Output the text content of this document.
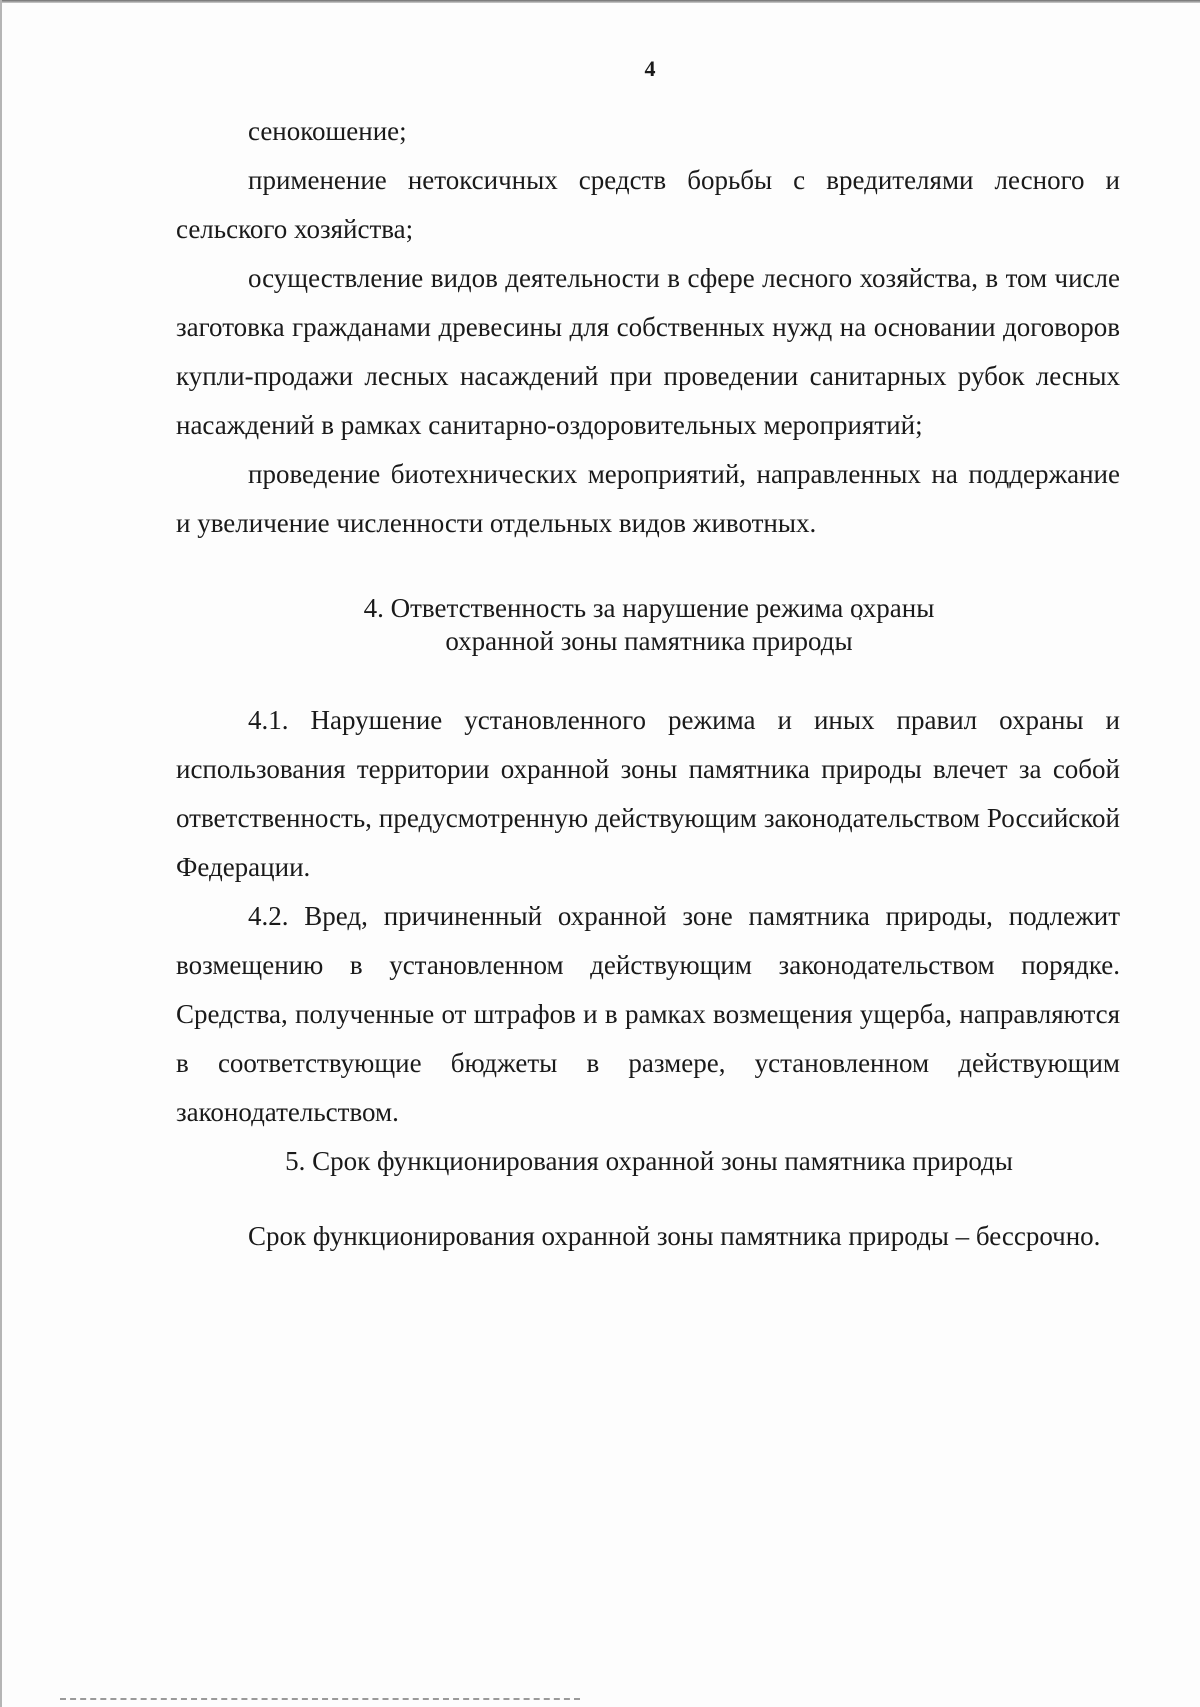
4

сенокошение;

применение нетоксичных средств борьбы с вредителями лесного и сельского хозяйства;

осуществление видов деятельности в сфере лесного хозяйства, в том числе заготовка гражданами древесины для собственных нужд на основании договоров купли-продажи лесных насаждений при проведении санитарных рубок лесных насаждений в рамках санитарно-оздоровительных мероприятий;

проведение биотехнических мероприятий, направленных на поддержание и увеличение численности отдельных видов животных.

4. Ответственность за нарушение режима охраны
охранной зоны памятника природы

4.1. Нарушение установленного режима и иных правил охраны и использования территории охранной зоны памятника природы влечет за собой ответственность, предусмотренную действующим законодательством Российской Федерации.

4.2. Вред, причиненный охранной зоне памятника природы, подлежит возмещению в установленном действующим законодательством порядке. Средства, полученные от штрафов и в рамках возмещения ущерба, направляются в соответствующие бюджеты в размере, установленном действующим законодательством.

5. Срок функционирования охранной зоны памятника природы

Срок функционирования охранной зоны памятника природы – бессрочно.
